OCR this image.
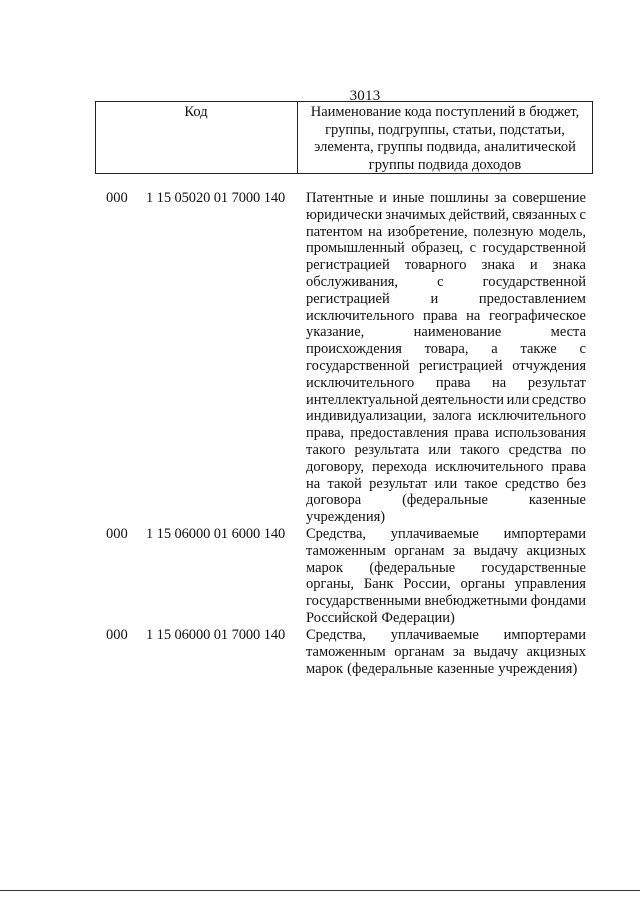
3013
Код	Наименование кода поступлений в бюджет,
группы, подгруппы, статьи, подстатьи,
элемента, группы подвида, аналитической
группы подвида доходов
000 1 15 05020 01 7000 140 Патентные и иные пошлины за совершение
юридически значимых действий, связанных с
патентом на изобретение, полезную модель,
промышленный образец, с государственной
регистрацией товарного знака и знака
обслуживания,	с	государственной
регистрацией	и	предоставлением
исключительного права на географическое
указание,	наименование	места
происхождения товара, а также с
государственной регистрацией отчуждения
исключительного права на результат
интеллектуальной деятельности или средство
индивидуализации, залога исключительного
права, предоставления права использования
такого результата или такого средства по
договору, перехода исключительного права
на такой результат или такое средство без
договора	(федеральные	казенные
учреждения)
000 1 15 06000 01 6000 140 Средства, уплачиваемые импортерами
таможенным органам за выдачу акцизных
марок (федеральные государственные
органы, Банк России, органы управления
государственными внебюджетными фондами
Российской Федерации)
000 1 15 06000 01 7000 140 Средства, уплачиваемые импортерами
таможенным органам за выдачу акцизных
марок (федеральные казенные учреждения)
